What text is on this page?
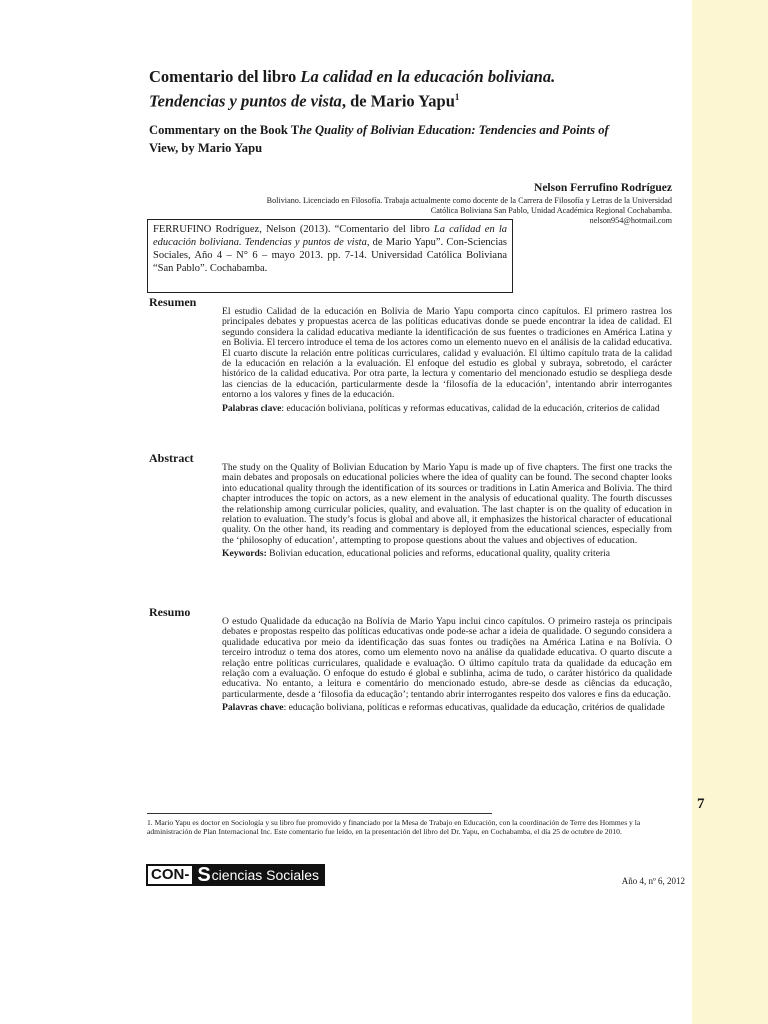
Comentario del libro La calidad en la educación boliviana.
Tendencias y puntos de vista, de Mario Yapu$^1$
Commentary on the Book The Quality of Bolivian Education: Tendencies and Points of
View, by Mario Yapu
Nelson Ferrufino Rodríguez
Boliviano. Licenciado en Filosofía. Trabaja actualmente como docente de la Carrera de Filosofía y Letras de la Universidad
Católica Boliviana San Pablo, Unidad Académica Regional Cochabamba.
nelson954@hotmail.com
FERRUFINO Rodríguez, Nelson (2013). “Comentario del libro La calidad en la educación boliviana. Tendencias y puntos de vista, de Mario Yapu”. Con-Sciencias Sociales, Año 4 – N° 6 – mayo 2013. pp. 7-14. Universidad Católica Boliviana “San Pablo”. Cochabamba.
Resumen

El estudio Calidad de la educación en Bolivia de Mario Yapu comporta cinco capítulos. El primero rastrea los principales debates y propuestas acerca de las políticas educativas donde se puede encontrar la idea de calidad. El segundo considera la calidad educativa mediante la identificación de sus fuentes o tradiciones en América Latina y en Bolivia. El tercero introduce el tema de los actores como un elemento nuevo en el análisis de la calidad educativa. El cuarto discute la relación entre políticas curriculares, calidad y evaluación. El último capítulo trata de la calidad de la educación en relación a la evaluación. El enfoque del estudio es global y subraya, sobretodo, el carácter histórico de la calidad educativa. Por otra parte, la lectura y comentario del mencionado estudio se despliega desde las ciencias de la educación, particularmente desde la ‘filosofía de la educación’, intentando abrir interrogantes entorno a los valores y fines de la educación.

Palabras clave: educación boliviana, políticas y reformas educativas, calidad de la educación, criterios de calidad

Abstract

The study on the Quality of Bolivian Education by Mario Yapu is made up of five chapters. The first one tracks the main debates and proposals on educational policies where the idea of quality can be found. The second chapter looks into educational quality through the identification of its sources or traditions in Latin America and Bolivia. The third chapter introduces the topic on actors, as a new element in the analysis of educational quality. The fourth discusses the relationship among curricular policies, quality, and evaluation. The last chapter is on the quality of education in relation to evaluation. The study’s focus is global and above all, it emphasizes the historical character of educational quality. On the other hand, its reading and commentary is deployed from the educational sciences, especially from the ‘philosophy of education’, attempting to propose questions about the values and objectives of education.

Keywords: Bolivian education, educational policies and reforms, educational quality, quality criteria

Resumo

O estudo Qualidade da educação na Bolívia de Mario Yapu inclui cinco capítulos. O primeiro rasteja os principais debates e propostas respeito das políticas educativas onde pode-se achar a ideia de qualidade. O segundo considera a qualidade educativa por meio da identificação das suas fontes ou tradições na América Latina e na Bolívia. O terceiro introduz o tema dos atores, como um elemento novo na análise da qualidade educativa. O quarto discute a relação entre políticas curriculares, qualidade e evaluação. O último capítulo trata da qualidade da educação em relação com a evaluação. O enfoque do estudo é global e sublinha, acima de tudo, o caráter histórico da qualidade educativa. No entanto, a leitura e comentário do mencionado estudo, abre-se desde as ciências da educação, particularmente, desde a ‘filosofia da educação’; tentando abrir interrogantes respeito dos valores e fins da educação.

Palavras chave: educação boliviana, políticas e reformas educativas, qualidade da educação, critérios de qualidade

7
1. Mario Yapu es doctor en Sociología y su libro fue promovido y financiado por la Mesa de Trabajo en Educación, con la coordinación de Terre des Hommes y la administración de Plan Internacional Inc. Este comentario fue leído, en la presentación del libro del Dr. Yapu, en Cochabamba, el día 25 de octubre de 2010.
CON- S ciencias Sociales	Año 4, nº 6, 2012
